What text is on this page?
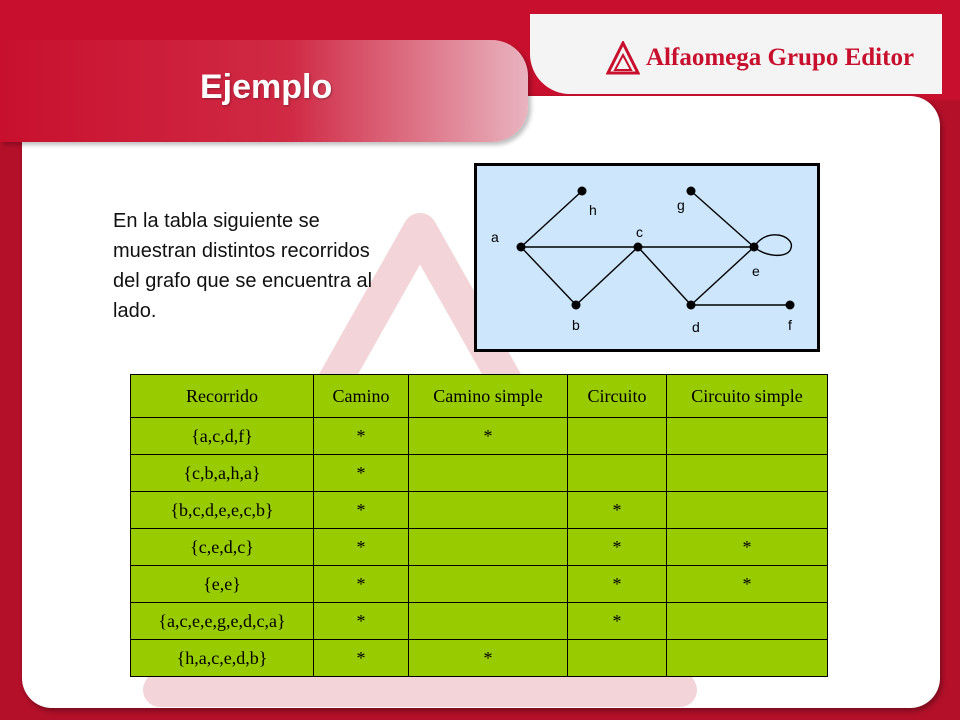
Ejemplo
Alfaomega Grupo Editor
En la tabla siguiente se muestran distintos recorridos del grafo que se encuentra al lado.
a
b
c
d
e
f
g
h
Recorrido	Camino	Camino simple	Circuito	Circuito simple
{a,c,d,f}	*	*		
{c,b,a,h,a}	*			
{b,c,d,e,e,c,b}	*		*	
{c,e,d,c}	*		*	*
{e,e}	*		*	*
{a,c,e,e,g,e,d,c,a}	*		*	
{h,a,c,e,d,b}	*	*		
